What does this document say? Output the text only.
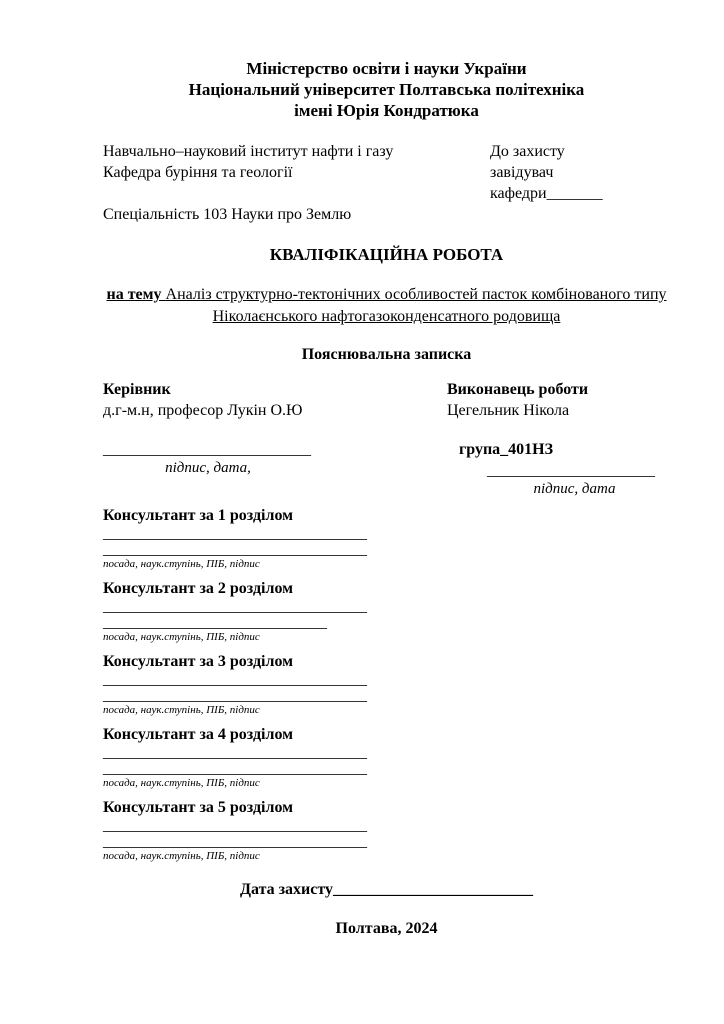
Міністерство освіти і науки України
Національний університет Полтавська політехніка
імені Юрія Кондратюка
Навчально–науковий інститут нафти і газу
Кафедра буріння та геології
До захисту
завідувач
кафедри_______
Спеціальність 103 Науки про Землю
КВАЛІФІКАЦІЙНА РОБОТА
на тему Аналіз структурно-тектонічних особливостей пасток комбінованого типу Ніколаєнського нафтогазоконденсатного родовища
Пояснювальна записка
Керівник
д.г-м.н, професор Лукін О.Ю
__________________________
підпис, дата,
Виконавець роботи
Цегельник Нікола
група_401НЗ
_____________________
підпис, дата
Консультант за 1 розділом
_________________________________
_________________________________
посада, наук.ступінь, ПІБ, підпис
Консультант за 2 розділом
_________________________________
____________________________
посада, наук.ступінь, ПІБ, підпис
Консультант за 3 розділом
_________________________________
_________________________________
посада, наук.ступінь, ПІБ, підпис
Консультант за 4 розділом
_________________________________
_________________________________
посада, наук.ступінь, ПІБ, підпис
Консультант за 5 розділом
_________________________________
_________________________________
посада, наук.ступінь, ПІБ, підпис
Дата захисту_________________________
Полтава, 2024
